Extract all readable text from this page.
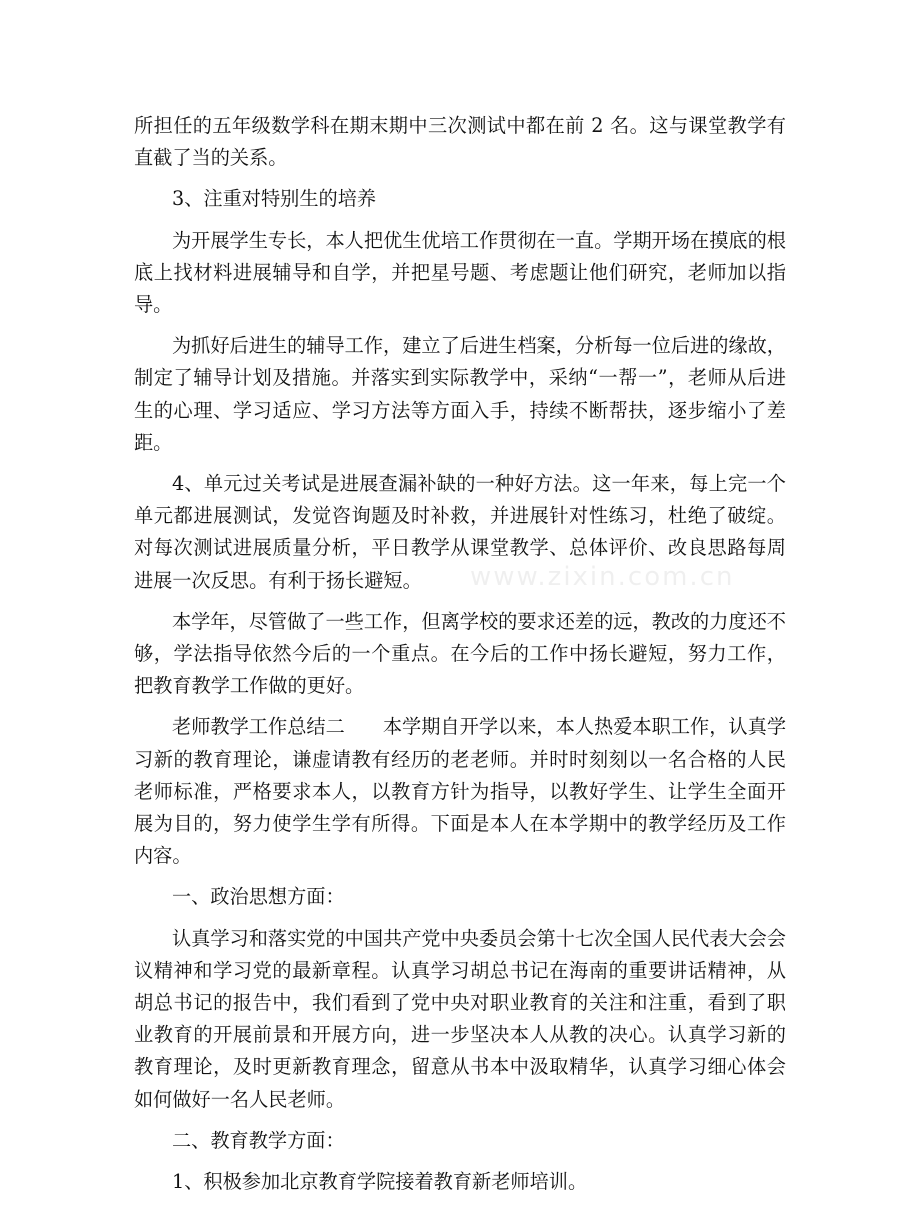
所担任的五年级数学科在期末期中三次测试中都在前 2 名。这与课堂教学有直截了当的关系。

3、注重对特别生的培养

为开展学生专长，本人把优生优培工作贯彻在一直。学期开场在摸底的根底上找材料进展辅导和自学，并把星号题、考虑题让他们研究，老师加以指导。

为抓好后进生的辅导工作，建立了后进生档案，分析每一位后进的缘故，制定了辅导计划及措施。并落实到实际教学中，采纳“一帮一”，老师从后进生的心理、学习适应、学习方法等方面入手，持续不断帮扶，逐步缩小了差距。

4、单元过关考试是进展查漏补缺的一种好方法。这一年来，每上完一个单元都进展测试，发觉咨询题及时补救，并进展针对性练习，杜绝了破绽。对每次测试进展质量分析，平日教学从课堂教学、总体评价、改良思路每周进展一次反思。有利于扬长避短。

本学年，尽管做了一些工作，但离学校的要求还差的远，教改的力度还不够，学法指导依然今后的一个重点。在今后的工作中扬长避短，努力工作，把教育教学工作做的更好。

老师教学工作总结二 本学期自开学以来，本人热爱本职工作，认真学习新的教育理论，谦虚请教有经历的老老师。并时时刻刻以一名合格的人民老师标准，严格要求本人，以教育方针为指导，以教好学生、让学生全面开展为目的，努力使学生学有所得。下面是本人在本学期中的教学经历及工作内容。

一、政治思想方面：

认真学习和落实党的中国共产党中央委员会第十七次全国人民代表大会会议精神和学习党的最新章程。认真学习胡总书记在海南的重要讲话精神，从胡总书记的报告中，我们看到了党中央对职业教育的关注和注重，看到了职业教育的开展前景和开展方向，进一步坚决本人从教的决心。认真学习新的教育理论，及时更新教育理念，留意从书本中汲取精华，认真学习细心体会如何做好一名人民老师。

二、教育教学方面：

1、积极参加北京教育学院接着教育新老师培训。

www.zixin.com.cn
